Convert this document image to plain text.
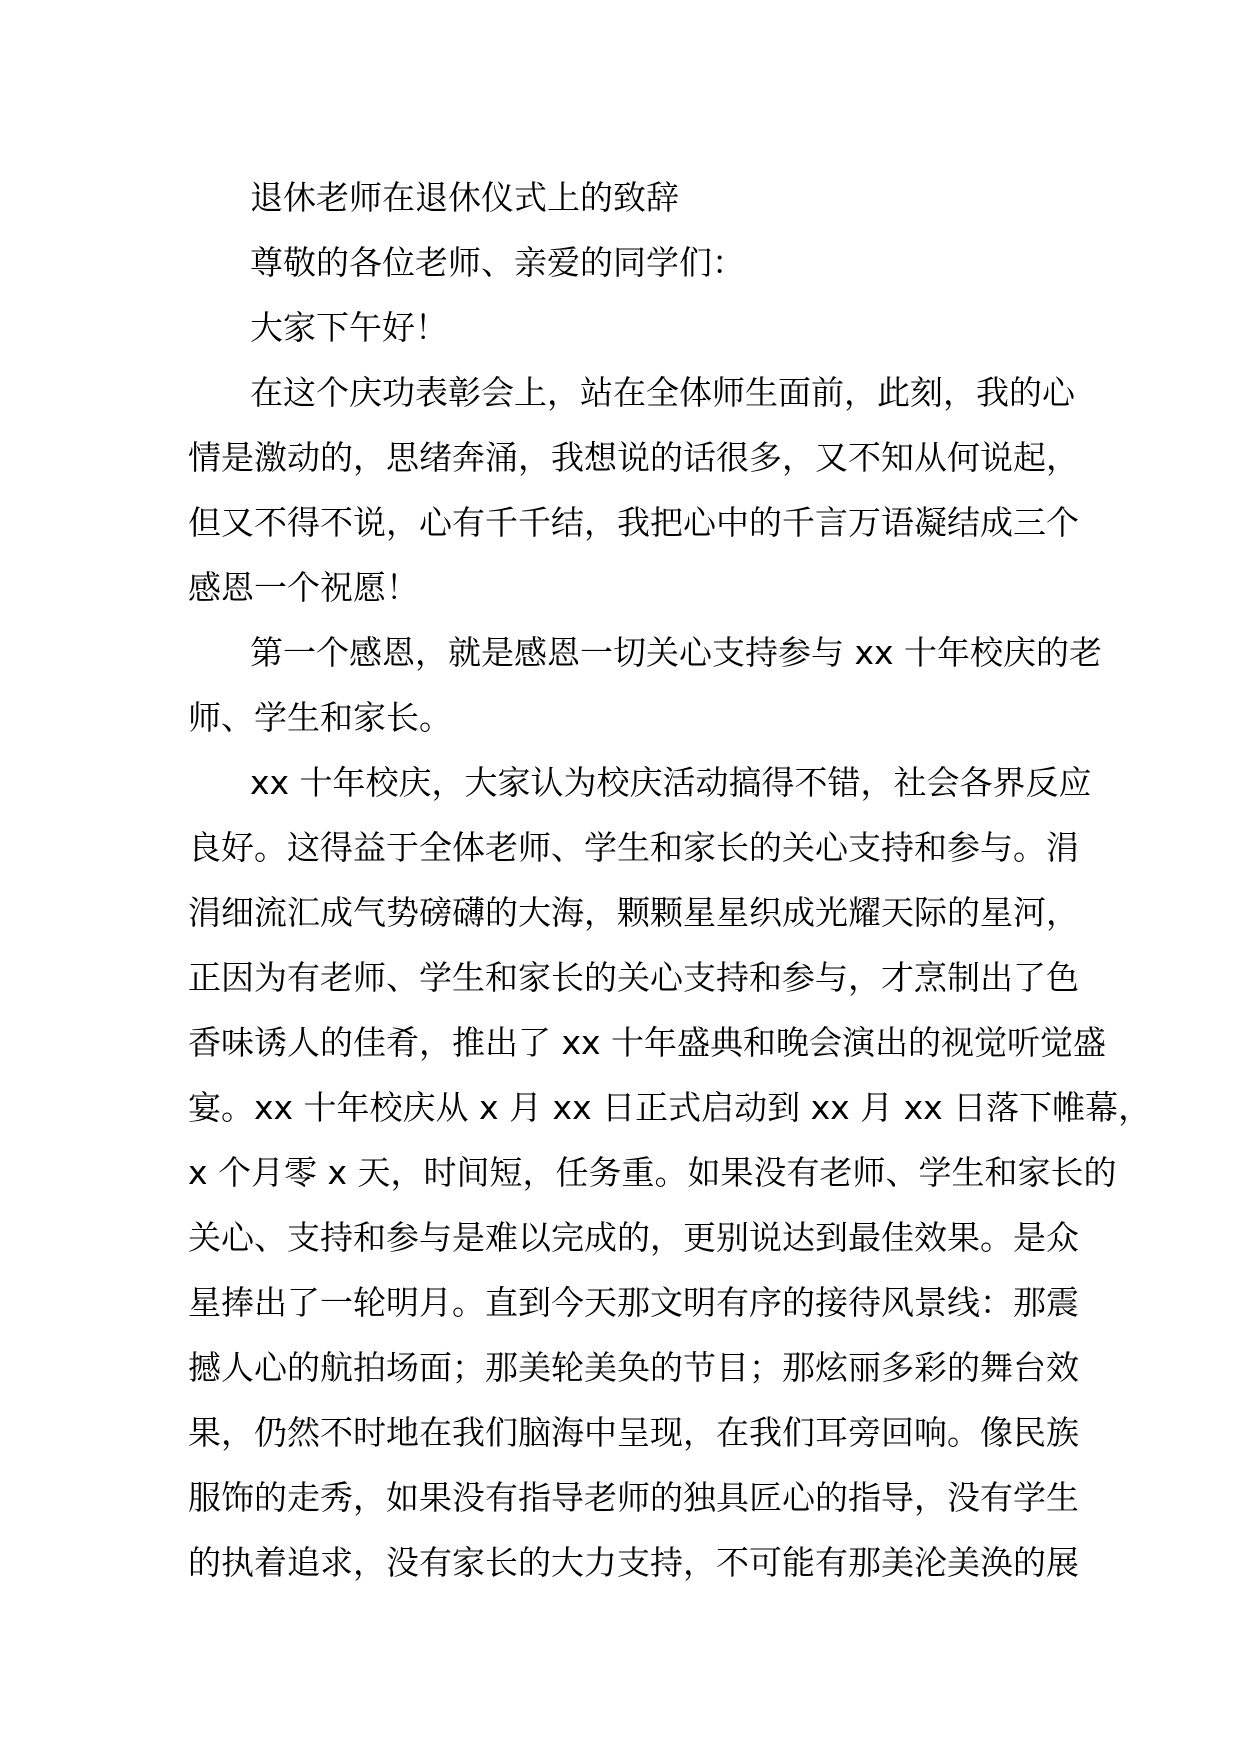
退休老师在退休仪式上的致辞
尊敬的各位老师、亲爱的同学们：
大家下午好！
在这个庆功表彰会上，站在全体师生面前，此刻，我的心
情是激动的，思绪奔涌，我想说的话很多，又不知从何说起，
但又不得不说，心有千千结，我把心中的千言万语凝结成三个
感恩一个祝愿！
第一个感恩，就是感恩一切关心支持参与 xx 十年校庆的老
师、学生和家长。
xx 十年校庆，大家认为校庆活动搞得不错，社会各界反应
良好。这得益于全体老师、学生和家长的关心支持和参与。涓
涓细流汇成气势磅礴的大海，颗颗星星织成光耀天际的星河，
正因为有老师、学生和家长的关心支持和参与，才烹制出了色
香味诱人的佳肴，推出了 xx 十年盛典和晚会演出的视觉听觉盛
宴。xx 十年校庆从 x 月 xx 日正式启动到 xx 月 xx 日落下帷幕，
x 个月零 x 天，时间短，任务重。如果没有老师、学生和家长的
关心、支持和参与是难以完成的，更别说达到最佳效果。是众
星捧出了一轮明月。直到今天那文明有序的接待风景线：那震
撼人心的航拍场面；那美轮美奂的节目；那炫丽多彩的舞台效
果，仍然不时地在我们脑海中呈现，在我们耳旁回响。像民族
服饰的走秀，如果没有指导老师的独具匠心的指导，没有学生
的执着追求，没有家长的大力支持，不可能有那美沦美涣的展
